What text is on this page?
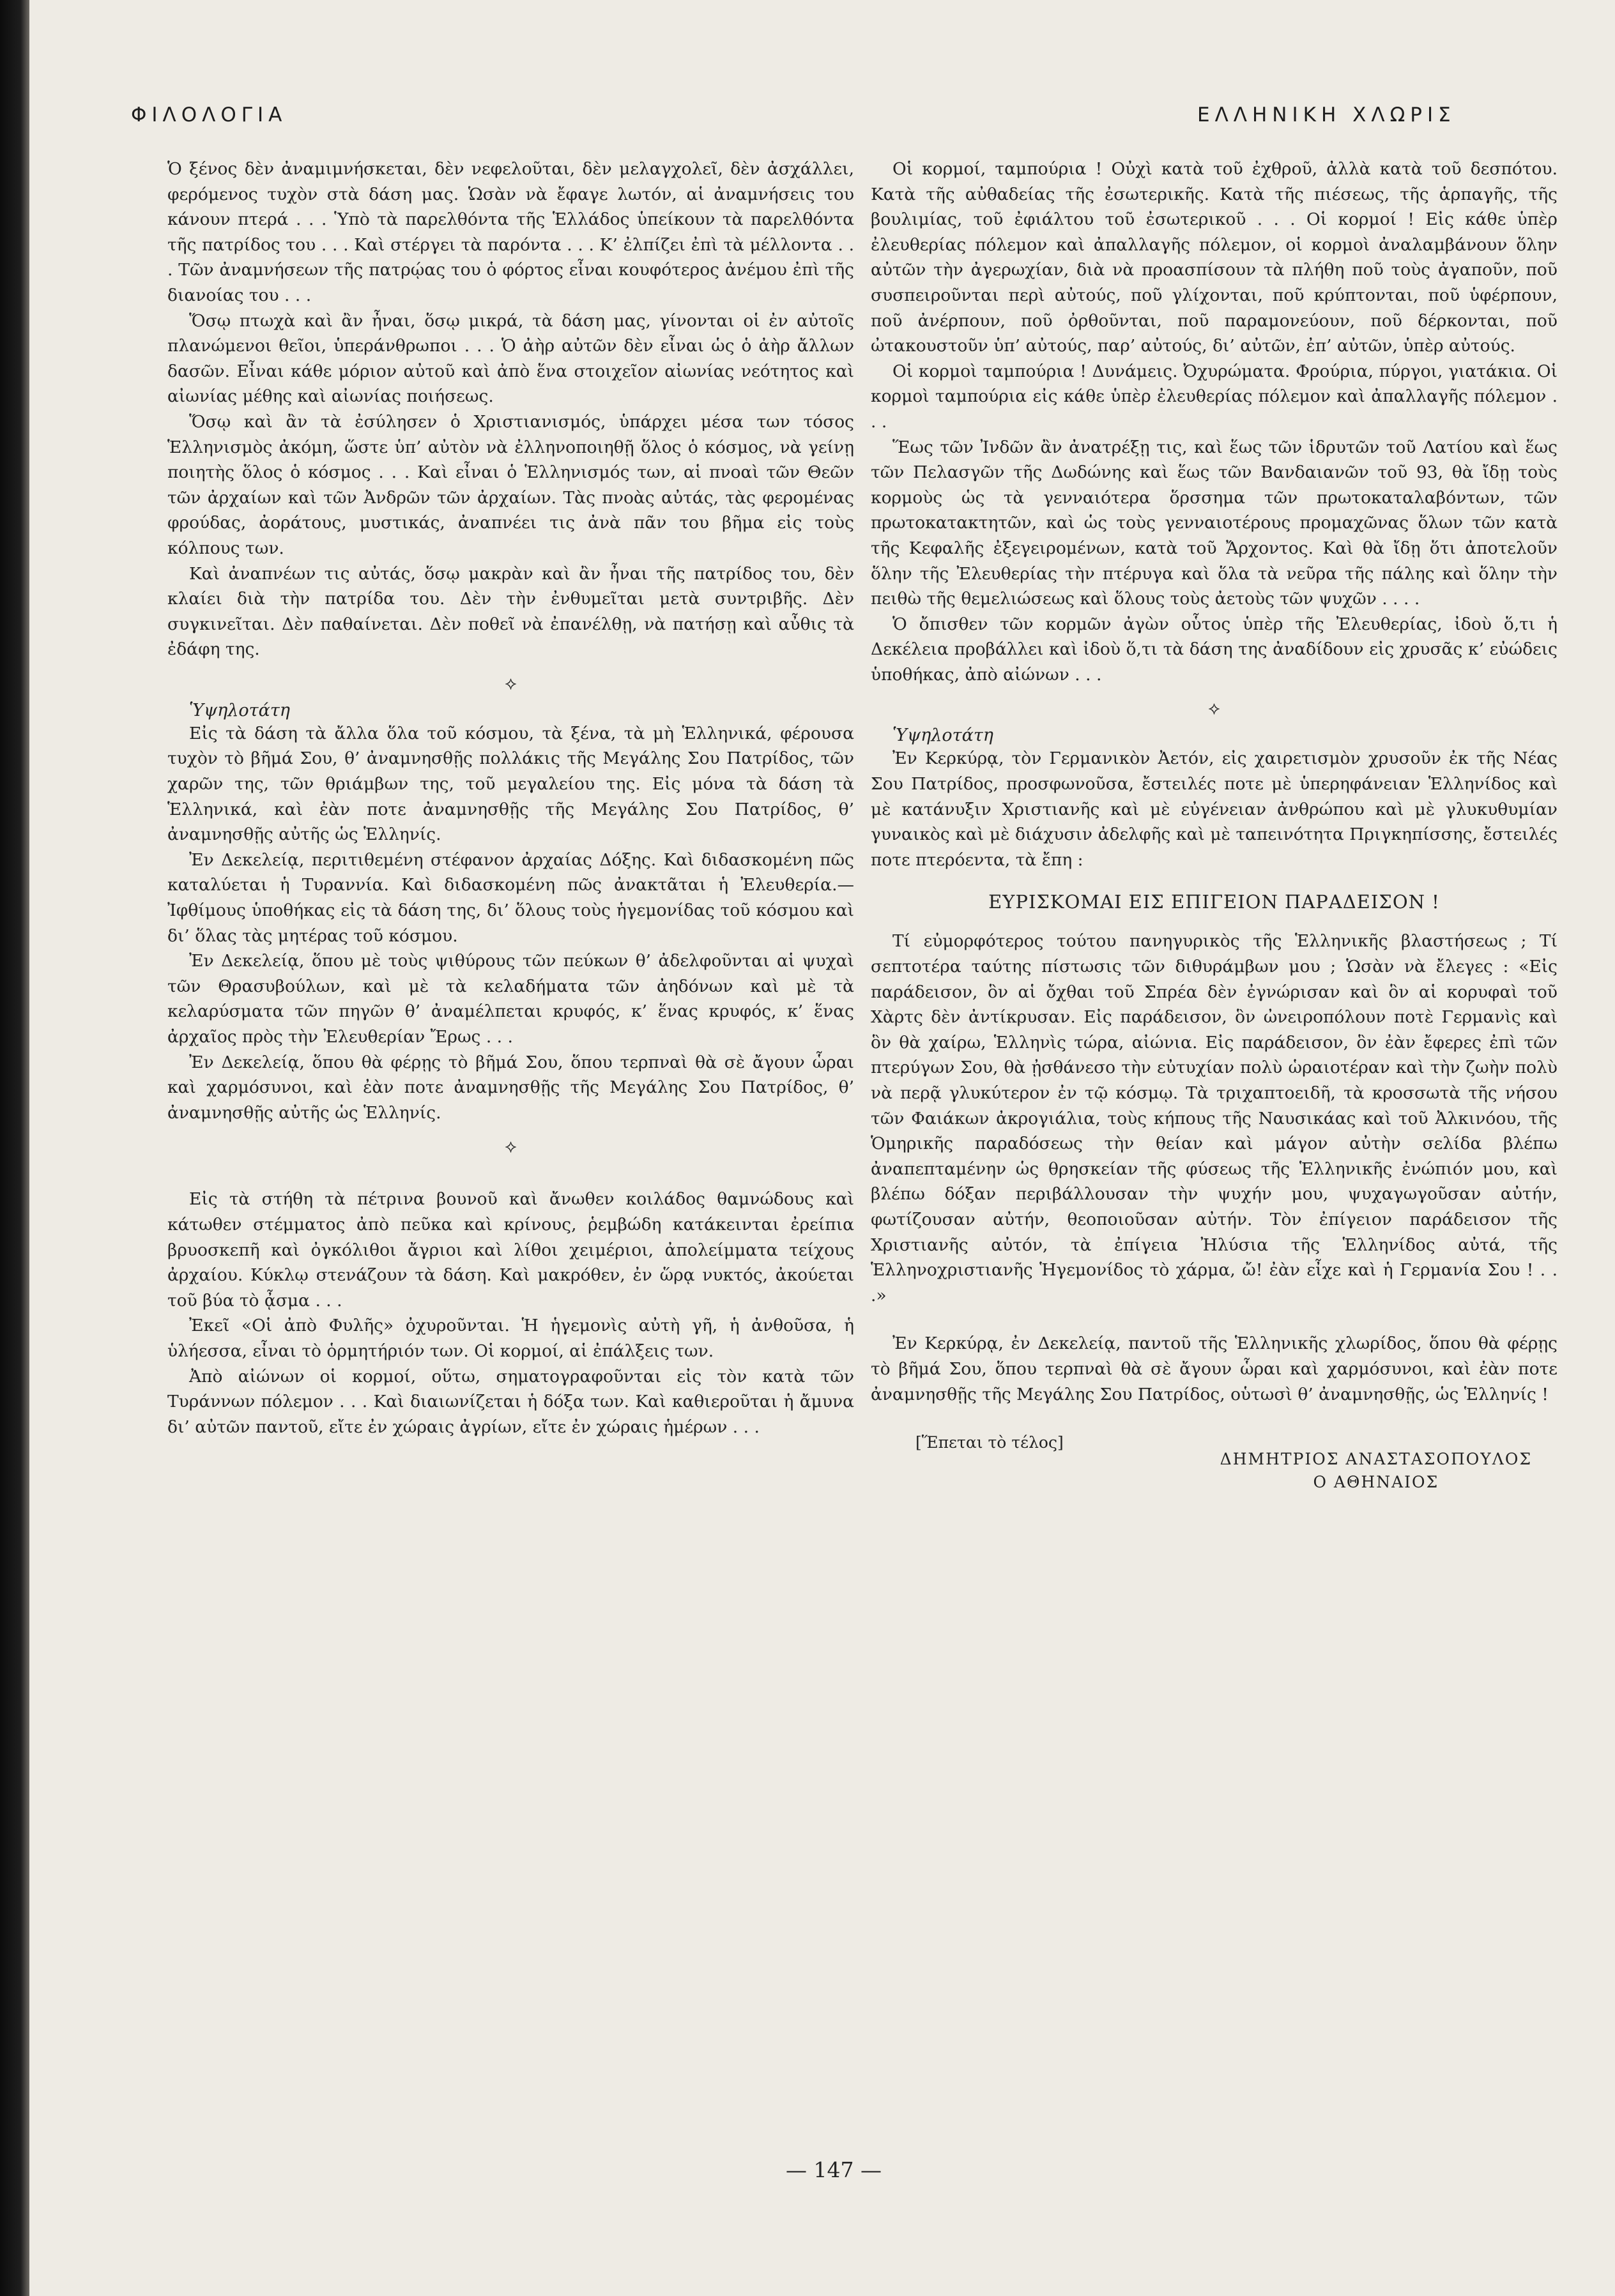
ΦΙΛΟΛΟΓΙΑ	ΕΛΛΗΝΙΚΗ ΧΛΩΡΙΣ

Ὁ ξένος δὲν ἀναμιμνήσκεται, δὲν νεφελοῦται, δὲν μελαγχολεῖ, δὲν ἀσχάλλει, φερόμενος τυχὸν στὰ δάση μας. Ὡσὰν νὰ ἔφαγε λωτόν, αἱ ἀναμνήσεις του κάνουν πτερά . . . Ὑπὸ τὰ παρελθόντα τῆς Ἑλλάδος ὑπείκουν τὰ παρελθόντα τῆς πατρίδος του . . . Καὶ στέργει τὰ παρόντα . . . Κ’ ἐλπίζει ἐπὶ τὰ μέλλοντα . . . Τῶν ἀναμνήσεων τῆς πατρῴας του ὁ φόρτος εἶναι κουφότερος ἀνέμου ἐπὶ τῆς διανοίας του . . .

Ὅσῳ πτωχὰ καὶ ἂν ἦναι, ὅσῳ μικρά, τὰ δάση μας, γίνονται οἱ ἐν αὐτοῖς πλανώμενοι θεῖοι, ὑπεράνθρωποι . . . Ὁ ἀὴρ αὐτῶν δὲν εἶναι ὡς ὁ ἀὴρ ἄλλων δασῶν. Εἶναι κάθε μόριον αὐτοῦ καὶ ἀπὸ ἕνα στοιχεῖον αἰωνίας νεότητος καὶ αἰωνίας μέθης καὶ αἰωνίας ποιήσεως.

Ὅσῳ καὶ ἂν τὰ ἐσύλησεν ὁ Χριστιανισμός, ὑπάρχει μέσα των τόσος Ἑλληνισμὸς ἀκόμη, ὥστε ὑπ’ αὐτὸν νὰ ἐλληνοποιηθῇ ὅλος ὁ κόσμος, νὰ γείνῃ ποιητὴς ὅλος ὁ κόσμος . . . Καὶ εἶναι ὁ Ἑλληνισμός των, αἱ πνοαὶ τῶν Θεῶν τῶν ἀρχαίων καὶ τῶν Ἀνδρῶν τῶν ἀρχαίων. Τὰς πνοὰς αὐτάς, τὰς φερομένας φρούδας, ἀοράτους, μυστικάς, ἀναπνέει τις ἀνὰ πᾶν του βῆμα εἰς τοὺς κόλπους των.

Καὶ ἀναπνέων τις αὐτάς, ὅσῳ μακρὰν καὶ ἂν ἦναι τῆς πατρίδος του, δὲν κλαίει διὰ τὴν πατρίδα του. Δὲν τὴν ἐνθυμεῖται μετὰ συντριβῆς. Δὲν συγκινεῖται. Δὲν παθαίνεται. Δὲν ποθεῖ νὰ ἐπανέλθῃ, νὰ πατήσῃ καὶ αὖθις τὰ ἐδάφη της.

⟡

Ὑψηλοτάτη

Εἰς τὰ δάση τὰ ἄλλα ὅλα τοῦ κόσμου, τὰ ξένα, τὰ μὴ Ἑλληνικά, φέρουσα τυχὸν τὸ βῆμά Σου, θ’ ἀναμνησθῇς πολλάκις τῆς Μεγάλης Σου Πατρίδος, τῶν χαρῶν της, τῶν θριάμβων της, τοῦ μεγαλείου της. Εἰς μόνα τὰ δάση τὰ Ἑλληνικά, καὶ ἐὰν ποτε ἀναμνησθῇς τῆς Μεγάλης Σου Πατρίδος, θ’ ἀναμνησθῇς αὐτῆς ὡς Ἑλληνίς.

Ἐν Δεκελείᾳ, περιτιθεμένη στέφανον ἀρχαίας Δόξης. Καὶ διδασκομένη πῶς καταλύεται ἡ Τυραννία. Καὶ διδασκομένη πῶς ἀνακτᾶται ἡ Ἐλευθερία.—Ἰφθίμους ὑποθήκας εἰς τὰ δάση της, δι’ ὅλους τοὺς ἡγεμονίδας τοῦ κόσμου καὶ δι’ ὅλας τὰς μητέρας τοῦ κόσμου.

Ἐν Δεκελείᾳ, ὅπου μὲ τοὺς ψιθύρους τῶν πεύκων θ’ ἀδελφοῦνται αἱ ψυχαὶ τῶν Θρασυβούλων, καὶ μὲ τὰ κελαδήματα τῶν ἀηδόνων καὶ μὲ τὰ κελαρύσματα τῶν πηγῶν θ’ ἀναμέλπεται κρυφός, κ’ ἕνας κρυφός, κ’ ἕνας ἀρχαῖος πρὸς τὴν Ἐλευθερίαν Ἔρως . . .

Ἐν Δεκελείᾳ, ὅπου θὰ φέρῃς τὸ βῆμά Σου, ὅπου τερπναὶ θὰ σὲ ἄγουν ὧραι καὶ χαρμόσυνοι, καὶ ἐὰν ποτε ἀναμνησθῇς τῆς Μεγάλης Σου Πατρίδος, θ’ ἀναμνησθῇς αὐτῆς ὡς Ἑλληνίς.

⟡

Εἰς τὰ στήθη τὰ πέτρινα βουνοῦ καὶ ἄνωθεν κοιλάδος θαμνώδους καὶ κάτωθεν στέμματος ἀπὸ πεῦκα καὶ κρίνους, ῥεμβώδη κατάκεινται ἐρείπια βρυοσκεπῆ καὶ ὀγκόλιθοι ἄγριοι καὶ λίθοι χειμέριοι, ἀπολείμματα τείχους ἀρχαίου. Κύκλῳ στενάζουν τὰ δάση. Καὶ μακρόθεν, ἐν ὥρᾳ νυκτός, ἀκούεται τοῦ βύα τὸ ᾆσμα . . .

Ἐκεῖ «Οἱ ἀπὸ Φυλῆς» ὀχυροῦνται. Ἡ ἡγεμονὶς αὐτὴ γῆ, ἡ ἀνθοῦσα, ἡ ὑλήεσσα, εἶναι τὸ ὁρμητήριόν των. Οἱ κορμοί, αἱ ἐπάλξεις των.

Ἀπὸ αἰώνων οἱ κορμοί, οὕτω, σηματογραφοῦνται εἰς τὸν κατὰ τῶν Τυράννων πόλεμον . . . Καὶ διαιωνίζεται ἡ δόξα των. Καὶ καθιεροῦται ἡ ἄμυνα δι’ αὐτῶν παντοῦ, εἴτε ἐν χώραις ἀγρίων, εἴτε ἐν χώραις ἡμέρων . . .

Οἱ κορμοί, ταμπούρια ! Οὐχὶ κατὰ τοῦ ἐχθροῦ, ἀλλὰ κατὰ τοῦ δεσπότου. Κατὰ τῆς αὐθαδείας τῆς ἐσωτερικῆς. Κατὰ τῆς πιέσεως, τῆς ἁρπαγῆς, τῆς βουλιμίας, τοῦ ἐφιάλτου τοῦ ἐσωτερικοῦ . . . Οἱ κορμοί ! Εἰς κάθε ὑπὲρ ἐλευθερίας πόλεμον καὶ ἀπαλλαγῆς πόλεμον, οἱ κορμοὶ ἀναλαμβάνουν ὅλην αὐτῶν τὴν ἀγερωχίαν, διὰ νὰ προασπίσουν τὰ πλήθη ποῦ τοὺς ἀγαποῦν, ποῦ συσπειροῦνται περὶ αὐτούς, ποῦ γλίχονται, ποῦ κρύπτονται, ποῦ ὑφέρπουν, ποῦ ἀνέρπουν, ποῦ ὀρθοῦνται, ποῦ παραμονεύουν, ποῦ δέρκονται, ποῦ ὠτακουστοῦν ὑπ’ αὐτούς, παρ’ αὐτούς, δι’ αὐτῶν, ἐπ’ αὐτῶν, ὑπὲρ αὐτούς.

Οἱ κορμοὶ ταμπούρια ! Δυνάμεις. Ὀχυρώματα. Φρούρια, πύργοι, γιατάκια. Οἱ κορμοὶ ταμπούρια εἰς κάθε ὑπὲρ ἐλευθερίας πόλεμον καὶ ἀπαλλαγῆς πόλεμον . . .

Ἕως τῶν Ἰνδῶν ἂν ἀνατρέξῃ τις, καὶ ἕως τῶν ἱδρυτῶν τοῦ Λατίου καὶ ἕως τῶν Πελασγῶν τῆς Δωδώνης καὶ ἕως τῶν Βανδαιανῶν τοῦ 93, θὰ ἴδῃ τοὺς κορμοὺς ὡς τὰ γενναιότερα ὅρσσημα τῶν πρωτοκαταλαβόντων, τῶν πρωτοκατακτητῶν, καὶ ὡς τοὺς γενναιοτέρους προμαχῶνας ὅλων τῶν κατὰ τῆς Κεφαλῆς ἐξεγειρομένων, κατὰ τοῦ Ἄρχοντος. Καὶ θὰ ἴδῃ ὅτι ἀποτελοῦν ὅλην τῆς Ἐλευθερίας τὴν πτέρυγα καὶ ὅλα τὰ νεῦρα τῆς πάλης καὶ ὅλην τὴν πειθὼ τῆς θεμελιώσεως καὶ ὅλους τοὺς ἀετοὺς τῶν ψυχῶν . . . .

Ὁ ὄπισθεν τῶν κορμῶν ἀγὼν οὗτος ὑπὲρ τῆς Ἐλευθερίας, ἰδοὺ ὅ,τι ἡ Δεκέλεια προβάλλει καὶ ἰδοὺ ὅ,τι τὰ δάση της ἀναδίδουν εἰς χρυσᾶς κ’ εὐώδεις ὑποθήκας, ἀπὸ αἰώνων . . .

⟡

Ὑψηλοτάτη

Ἐν Κερκύρᾳ, τὸν Γερμανικὸν Ἀετόν, εἰς χαιρετισμὸν χρυσοῦν ἐκ τῆς Νέας Σου Πατρίδος, προσφωνοῦσα, ἔστειλές ποτε μὲ ὑπερηφάνειαν Ἑλληνίδος καὶ μὲ κατάνυξιν Χριστιανῆς καὶ μὲ εὐγένειαν ἀνθρώπου καὶ μὲ γλυκυθυμίαν γυναικὸς καὶ μὲ διάχυσιν ἀδελφῆς καὶ μὲ ταπεινότητα Πριγκηπίσσης, ἔστειλές ποτε πτερόεντα, τὰ ἔπη :

ΕΥΡΙΣΚΟΜΑΙ ΕΙΣ ΕΠΙΓΕΙΟΝ ΠΑΡΑΔΕΙΣΟΝ !

Τί εὐμορφότερος τούτου πανηγυρικὸς τῆς Ἑλληνικῆς βλαστήσεως ; Τί σεπτοτέρα ταύτης πίστωσις τῶν διθυράμβων μου ; Ὡσὰν νὰ ἔλεγες : «Εἰς παράδεισον, ὃν αἱ ὄχθαι τοῦ Σπρέα δὲν ἐγνώρισαν καὶ ὃν αἱ κορυφαὶ τοῦ Χὰρτς δὲν ἀντίκρυσαν. Εἰς παράδεισον, ὃν ὠνειροπόλουν ποτὲ Γερμανὶς καὶ ὃν θὰ χαίρω, Ἑλληνὶς τώρα, αἰώνια. Εἰς παράδεισον, ὃν ἐὰν ἔφερες ἐπὶ τῶν πτερύγων Σου, θὰ ᾐσθάνεσο τὴν εὐτυχίαν πολὺ ὡραιοτέραν καὶ τὴν ζωὴν πολὺ νὰ περᾷ γλυκύτερον ἐν τῷ κόσμῳ. Τὰ τριχαπτοειδῆ, τὰ κροσσωτὰ τῆς νήσου τῶν Φαιάκων ἀκρογιάλια, τοὺς κήπους τῆς Ναυσικάας καὶ τοῦ Ἀλκινόου, τῆς Ὁμηρικῆς παραδόσεως τὴν θείαν καὶ μάγον αὐτὴν σελίδα βλέπω ἀναπεπταμένην ὡς θρησκείαν τῆς φύσεως τῆς Ἑλληνικῆς ἐνώπιόν μου, καὶ βλέπω δόξαν περιβάλλουσαν τὴν ψυχήν μου, ψυχαγωγοῦσαν αὐτήν, φωτίζουσαν αὐτήν, θεοποιοῦσαν αὐτήν. Τὸν ἐπίγειον παράδεισον τῆς Χριστιανῆς αὐτόν, τὰ ἐπίγεια Ἠλύσια τῆς Ἑλληνίδος αὐτά, τῆς Ἑλληνοχριστιανῆς Ἡγεμονίδος τὸ χάρμα, ὤ! ἐὰν εἶχε καὶ ἡ Γερμανία Σου ! . . .»

Ἐν Κερκύρᾳ, ἐν Δεκελείᾳ, παντοῦ τῆς Ἑλληνικῆς χλωρίδος, ὅπου θὰ φέρῃς τὸ βῆμά Σου, ὅπου τερπναὶ θὰ σὲ ἄγουν ὧραι καὶ χαρμόσυνοι, καὶ ἐὰν ποτε ἀναμνησθῇς τῆς Μεγάλης Σου Πατρίδος, οὑτωσὶ θ’ ἀναμνησθῇς, ὡς Ἑλληνίς !

[Ἕπεται τὸ τέλος]
ΔΗΜΗΤΡΙΟΣ ΑΝΑΣΤΑΣΟΠΟΥΛΟΣ
Ο ΑΘΗΝΑΙΟΣ
— 147 —
